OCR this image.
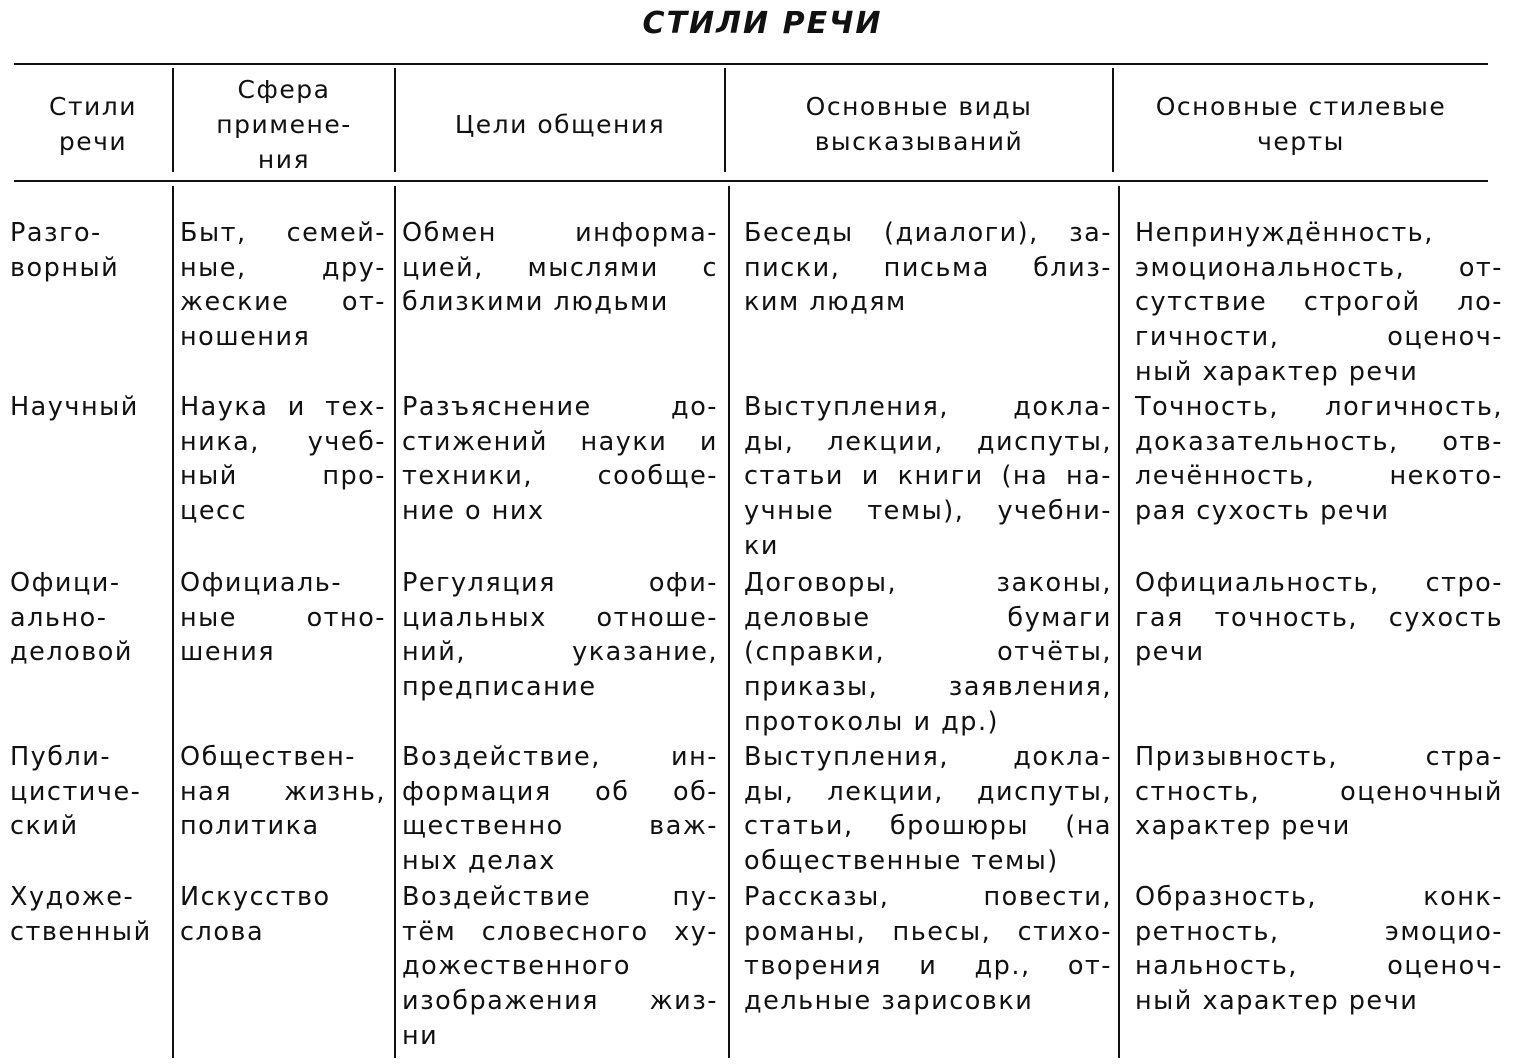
СТИЛИ РЕЧИ
Стили
речи
Сфера
примене-
ния
Цели общения
Основные виды
высказываний
Основные стилевые
черты
Разго-
ворный
Быт, семей-
ные, дру-
жеские от-
ношения
Обмен информа-
цией, мыслями с
близкими людьми
Беседы (диалоги), за-
писки, письма близ-
ким людям
Непринуждённость,
эмоциональность, от-
сутствие строгой ло-
гичности, оценоч-
ный характер речи
Научный	Наука и тех-
ника, учеб-
ный про-
цесс
Разъяснение до-
стижений науки и
техники, сообще-
ние о них
Выступления, докла-
ды, лекции, диспуты,
статьи и книги (на на-
учные темы), учебни-
ки
Точность, логичность,
доказательность, отв-
лечённость, некото-
рая сухость речи
Офици-
ально-
деловой
Официаль-
ные отно-
шения
Регуляция офи-
циальных отноше-
ний, указание,
предписание
Договоры, законы,
деловые бумаги
(справки, отчёты,
приказы, заявления,
протоколы и др.)
Официальность, стро-
гая точность, сухость
речи
Публи-
цистиче-
ский
Обществен-
ная жизнь,
политика
Воздействие, ин-
формация об об-
щественно важ-
ных делах
Выступления, докла-
ды, лекции, диспуты,
статьи, брошюры (на
общественные темы)
Призывность, стра-
стность, оценочный
характер речи
Художе-
ственный
Искусство
слова
Воздействие пу-
тём словесного ху-
дожественного
изображения жиз-
ни
Рассказы, повести,
романы, пьесы, стихо-
творения и др., от-
дельные зарисовки
Образность, конк-
ретность, эмоцио-
нальность, оценоч-
ный характер речи
